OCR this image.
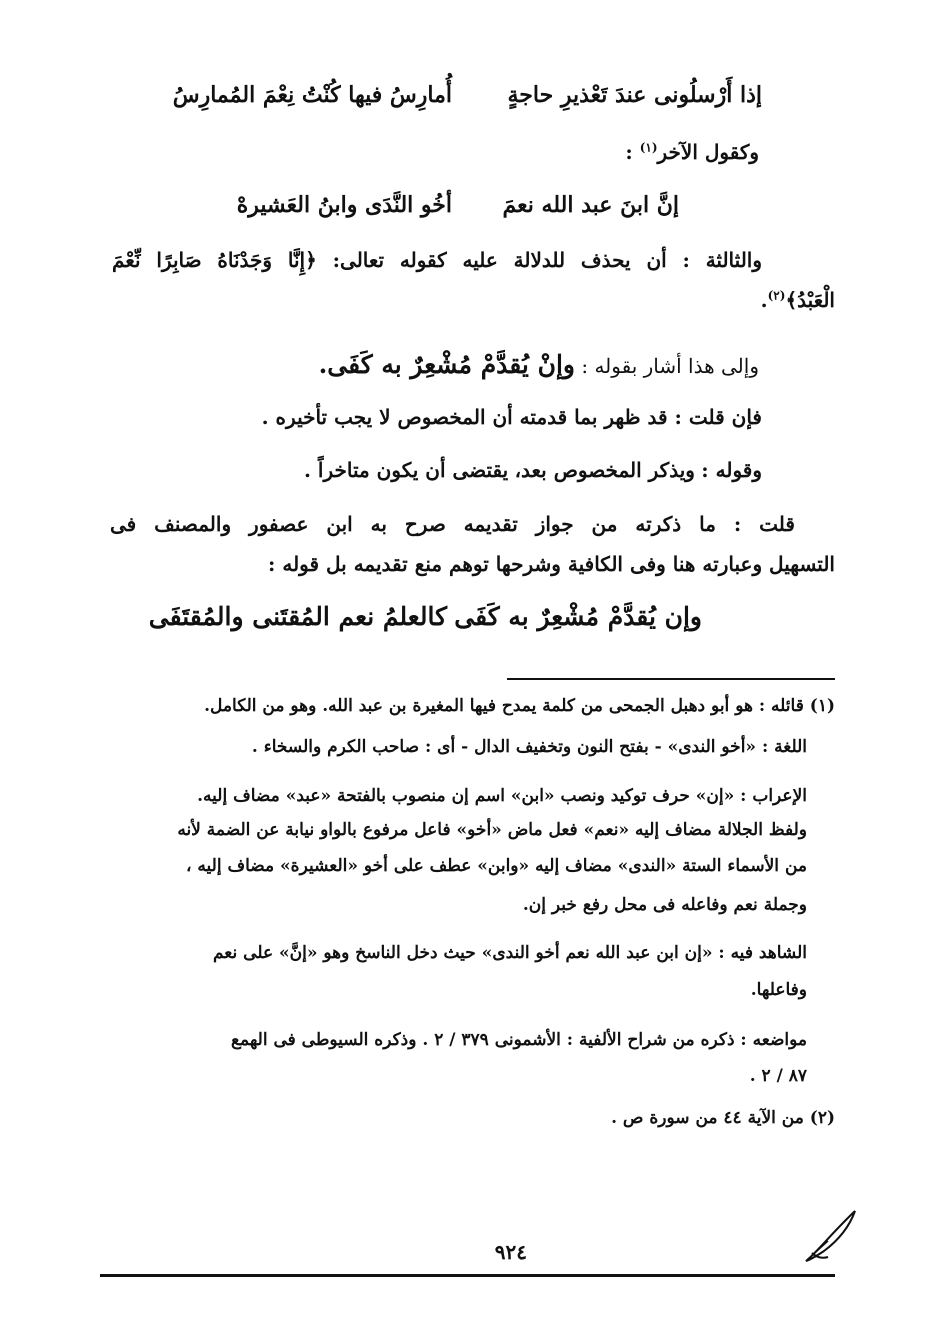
إذا أَرْسلُونى عندَ تَعْذيرِ حاجةٍ
أُمارِسُ فيها كُنْتُ نِعْمَ المُمارِسُ
وكقول الآخر$^{(١)}$ :
إنَّ ابنَ عبد الله نعمَ
أخُو النَّدَى وابنُ العَشيرهْ
والثالثة : أن يحذف للدلالة عليه كقوله تعالى: ﴿إِنَّا وَجَدْنَاهُ صَابِرًا نِّعْمَ
الْعَبْدُ﴾$^{(٢)}$.
وإلى هذا أشار بقوله : وإنْ يُقدَّمْ مُشْعِرٌ به كَفَى.
فإن قلت : قد ظهر بما قدمته أن المخصوص لا يجب تأخيره .
وقوله : ويذكر المخصوص بعد، يقتضى أن يكون متاخراً .
قلت : ما ذكرته من جواز تقديمه صرح به ابن عصفور والمصنف فى
التسهيل وعبارته هنا وفى الكافية وشرحها توهم منع تقديمه بل قوله :
وإن يُقدَّمْ مُشْعِرٌ به كَفَى
كالعلمُ نعم المُقتَنى والمُقتَفَى
(١) قائله : هو أبو دهبل الجمحى من كلمة يمدح فيها المغيرة بن عبد الله. وهو من الكامل.
اللغة : «أخو الندى» - بفتح النون وتخفيف الدال - أى : صاحب الكرم والسخاء .
الإعراب : «إن» حرف توكيد ونصب «ابن» اسم إن منصوب بالفتحة «عبد» مضاف إليه.
ولفظ الجلالة مضاف إليه «نعم» فعل ماض «أخو» فاعل مرفوع بالواو نيابة عن الضمة لأنه
من الأسماء الستة «الندى» مضاف إليه «وابن» عطف على أخو «العشيرة» مضاف إليه ،
وجملة نعم وفاعله فى محل رفع خبر إن.
الشاهد فيه : «إن ابن عبد الله نعم أخو الندى» حيث دخل الناسخ وهو «إنَّ» على نعم
وفاعلها.
مواضعه : ذكره من شراح الألفية : الأشمونى ٣٧٩ / ٢ . وذكره السيوطى فى الهمع
٨٧ / ٢ .
(٢) من الآية ٤٤ من سورة ص .
٩٢٤
